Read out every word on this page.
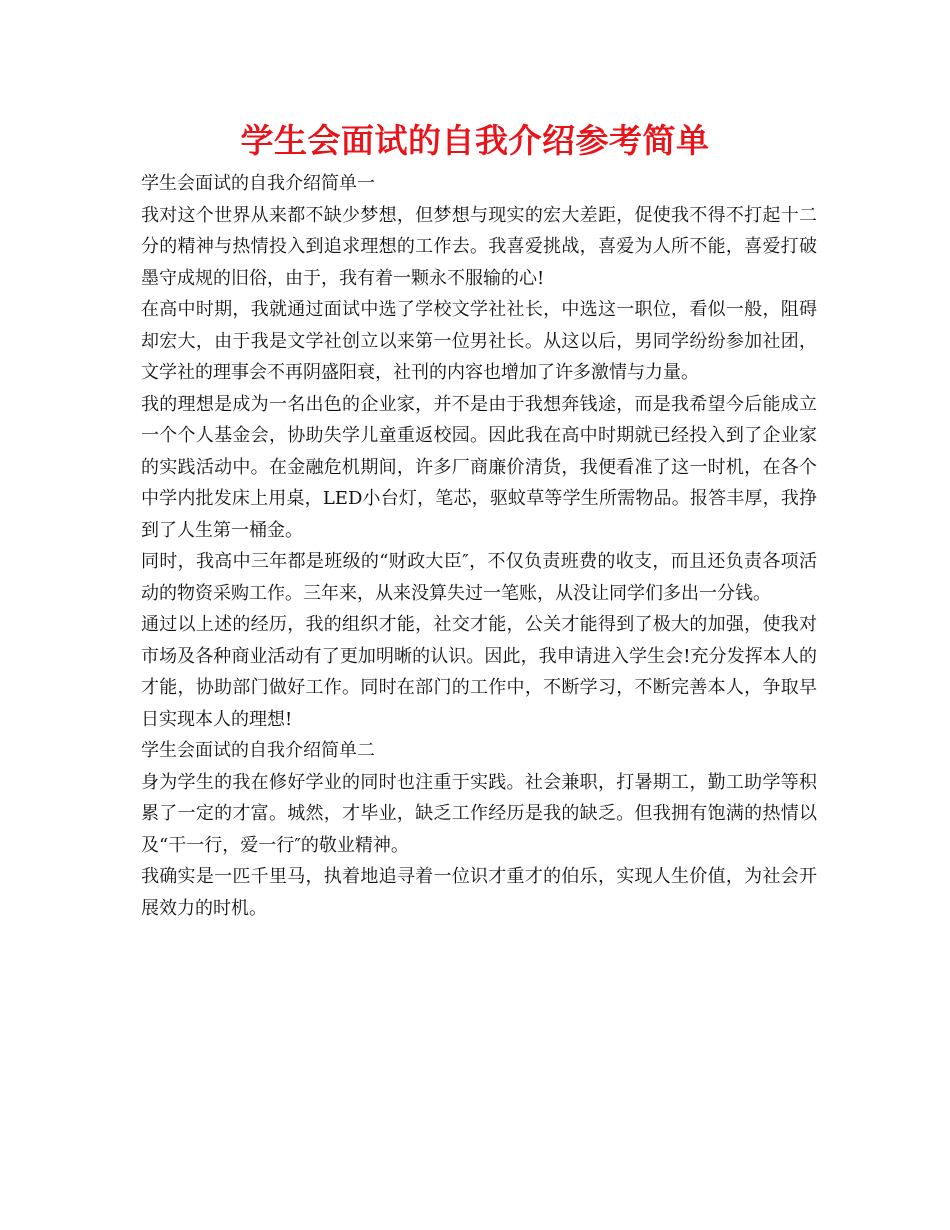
学生会面试的自我介绍参考简单

学生会面试的自我介绍简单一

我对这个世界从来都不缺少梦想，但梦想与现实的宏大差距，促使我不得不打起十二分的精神与热情投入到追求理想的工作去。我喜爱挑战，喜爱为人所不能，喜爱打破墨守成规的旧俗，由于，我有着一颗永不服输的心!

在高中时期，我就通过面试中选了学校文学社社长，中选这一职位，看似一般，阻碍却宏大，由于我是文学社创立以来第一位男社长。从这以后，男同学纷纷参加社团，文学社的理事会不再阴盛阳衰，社刊的内容也增加了许多激情与力量。

我的理想是成为一名出色的企业家，并不是由于我想奔钱途，而是我希望今后能成立一个个人基金会，协助失学儿童重返校园。因此我在高中时期就已经投入到了企业家的实践活动中。在金融危机期间，许多厂商廉价清货，我便看准了这一时机，在各个中学内批发床上用桌，LED小台灯，笔芯，驱蚊草等学生所需物品。报答丰厚，我挣到了人生第一桶金。

同时，我高中三年都是班级的“财政大臣″，不仅负责班费的收支，而且还负责各项活动的物资采购工作。三年来，从来没算失过一笔账，从没让同学们多出一分钱。

通过以上述的经历，我的组织才能，社交才能，公关才能得到了极大的加强，使我对市场及各种商业活动有了更加明晰的认识。因此，我申请进入学生会!充分发挥本人的才能，协助部门做好工作。同时在部门的工作中，不断学习，不断完善本人，争取早日实现本人的理想!

学生会面试的自我介绍简单二

身为学生的我在修好学业的同时也注重于实践。社会兼职，打暑期工，勤工助学等积累了一定的才富。城然，才毕业，缺乏工作经历是我的缺乏。但我拥有饱满的热情以及“干一行，爱一行″的敬业精神。

我确实是一匹千里马，执着地追寻着一位识才重才的伯乐，实现人生价值，为社会开展效力的时机。
